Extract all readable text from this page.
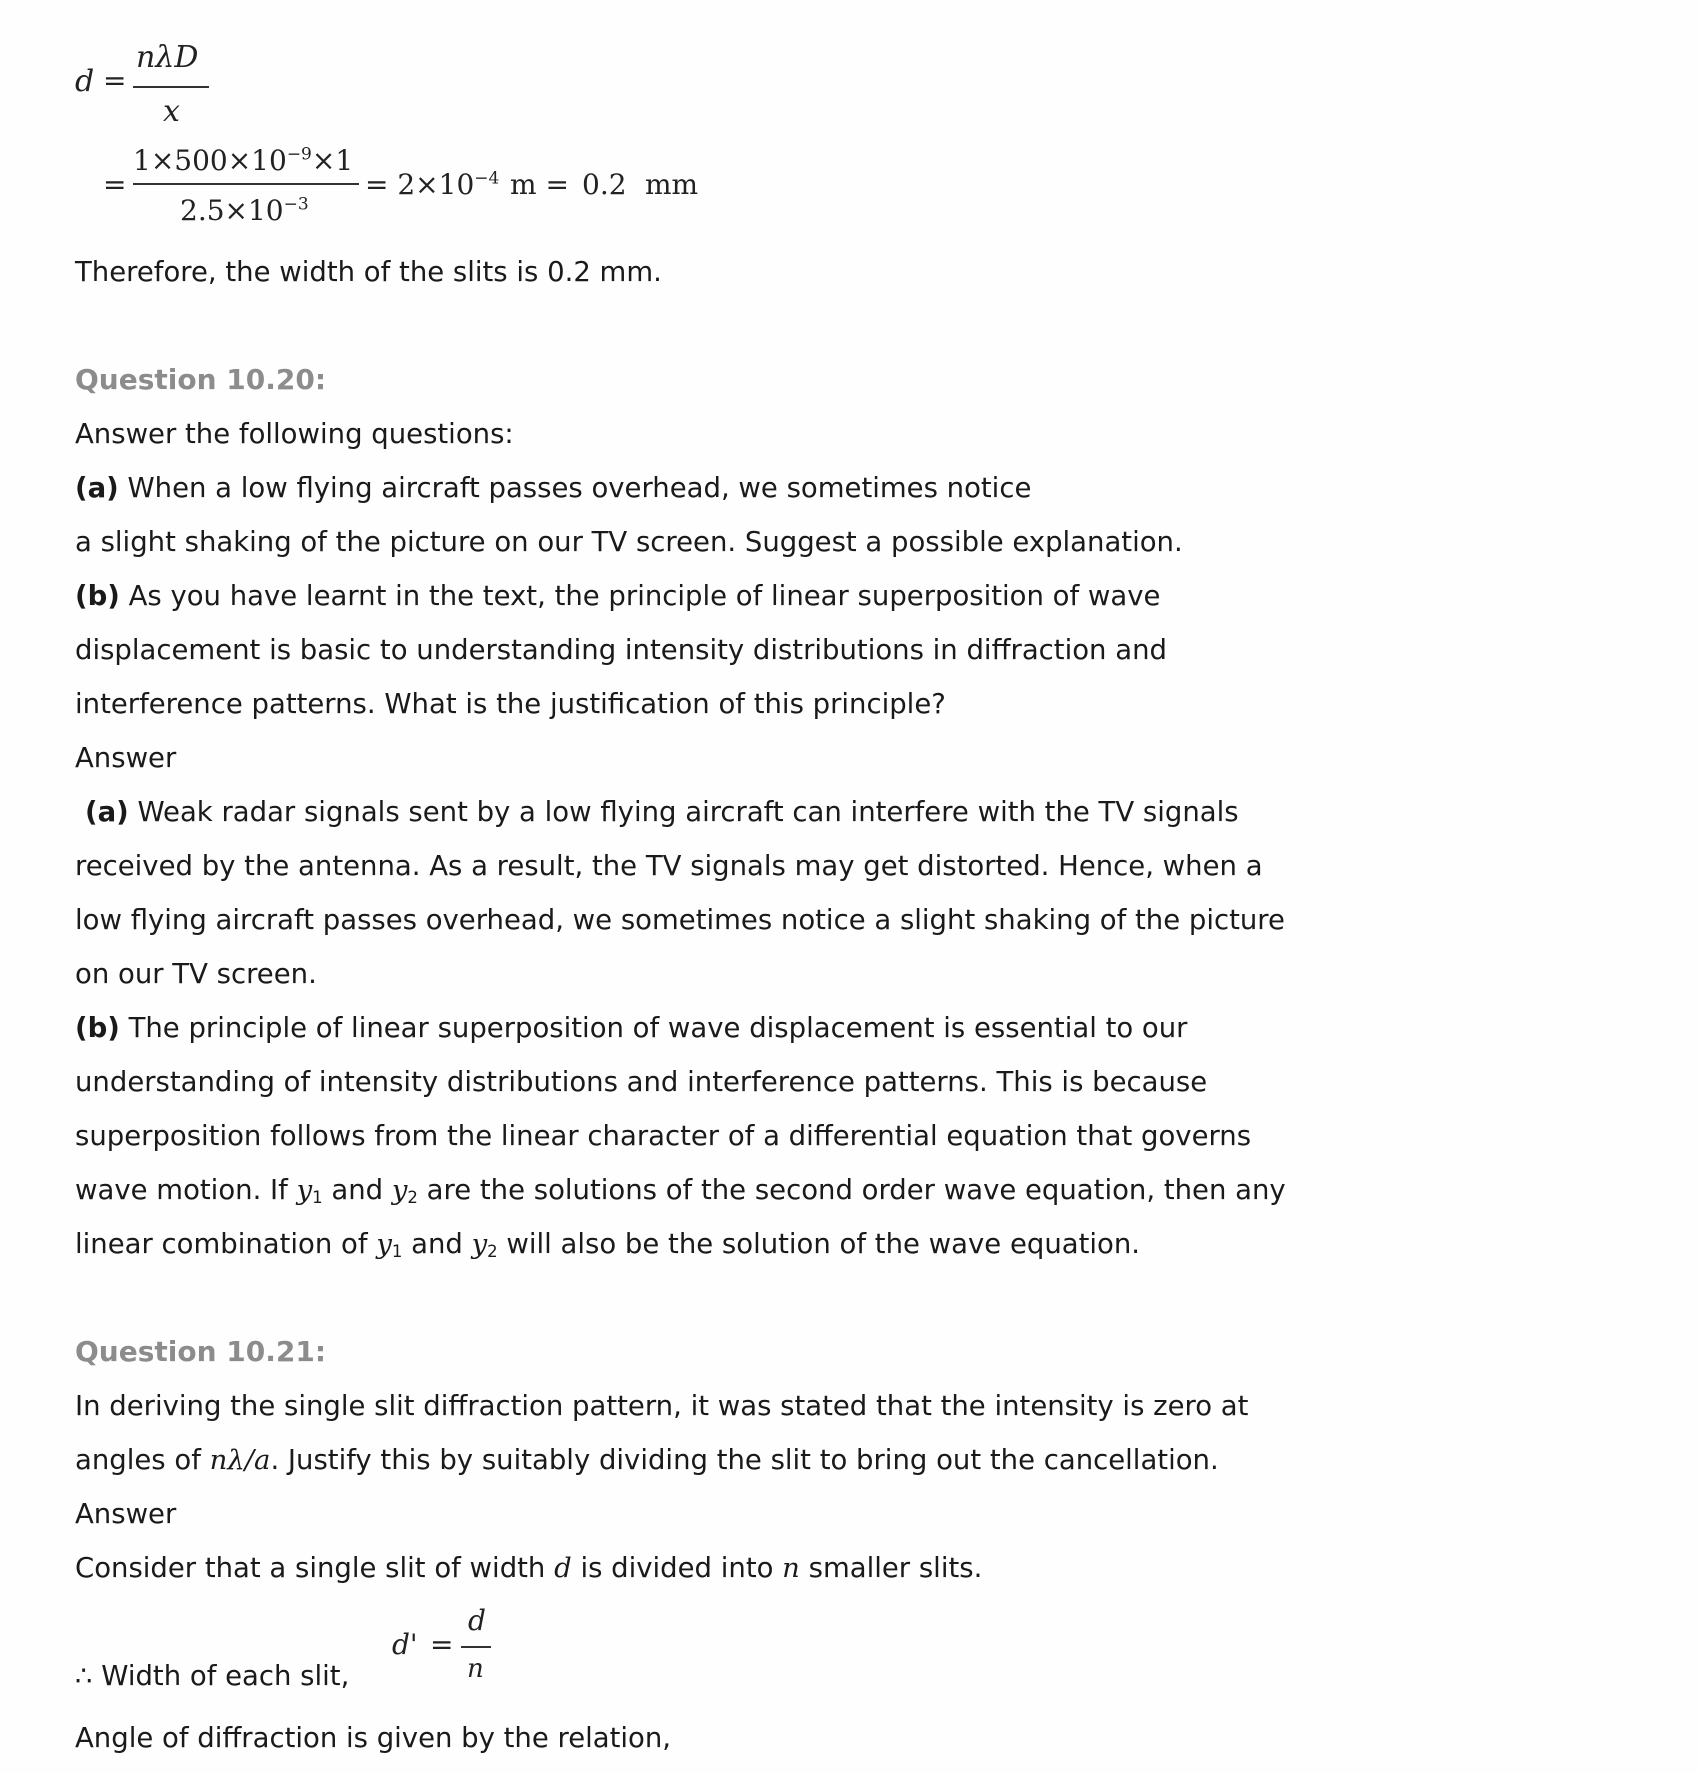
d =
nλD
x
=
$1\times 500\times 10^{-9}\times 1$
$2.5\times 10^{-3}$
= $2\times 10^{-4}$ m = 0.2 mm
Therefore, the width of the slits is 0.2 mm.
Question 10.20:
Answer the following questions:
(a) When a low flying aircraft passes overhead, we sometimes notice
a slight shaking of the picture on our TV screen. Suggest a possible explanation.
(b) As you have learnt in the text, the principle of linear superposition of wave
displacement is basic to understanding intensity distributions in diffraction and
interference patterns. What is the justification of this principle?
Answer
(a) Weak radar signals sent by a low flying aircraft can interfere with the TV signals
received by the antenna. As a result, the TV signals may get distorted. Hence, when a
low flying aircraft passes overhead, we sometimes notice a slight shaking of the picture
on our TV screen.
(b) The principle of linear superposition of wave displacement is essential to our
understanding of intensity distributions and interference patterns. This is because
superposition follows from the linear character of a differential equation that governs
wave motion. If $y_1$ and $y_2$ are the solutions of the second order wave equation, then any
linear combination of $y_1$ and $y_2$ will also be the solution of the wave equation.
Question 10.21:
In deriving the single slit diffraction pattern, it was stated that the intensity is zero at
angles of nλ/a. Justify this by suitably dividing the slit to bring out the cancellation.
Answer
Consider that a single slit of width d is divided into n smaller slits.
∴ Width of each slit,
d' =
d
n
Angle of diffraction is given by the relation,
